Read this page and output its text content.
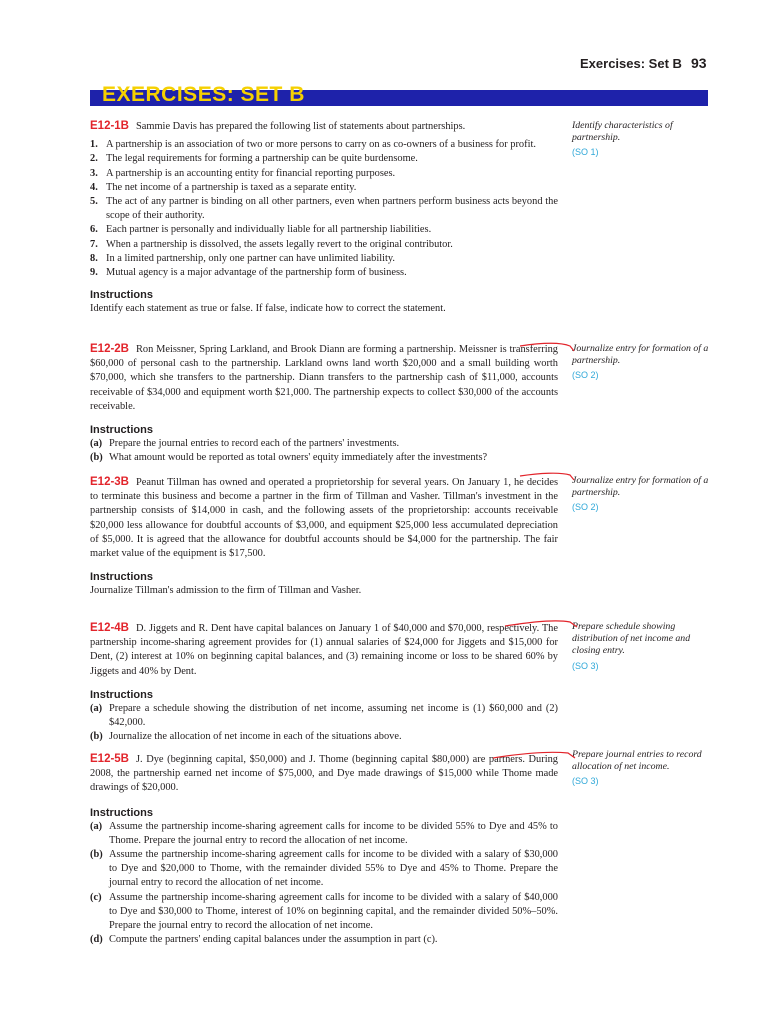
Exercises: Set B 93
EXERCISES: SET B

E12-1B Sammie Davis has prepared the following list of statements about partnerships.

1. A partnership is an association of two or more persons to carry on as co-owners of a business for profit.
2. The legal requirements for forming a partnership can be quite burdensome.
3. A partnership is an accounting entity for financial reporting purposes.
4. The net income of a partnership is taxed as a separate entity.
5. The act of any partner is binding on all other partners, even when partners perform business acts beyond the scope of their authority.
6. Each partner is personally and individually liable for all partnership liabilities.
7. When a partnership is dissolved, the assets legally revert to the original contributor.
8. In a limited partnership, only one partner can have unlimited liability.
9. Mutual agency is a major advantage of the partnership form of business.

Instructions

Identify each statement as true or false. If false, indicate how to correct the statement.

Identify characteristics of partnership.

(SO 1)

E12-2B Ron Meissner, Spring Larkland, and Brook Diann are forming a partnership. Meissner is transferring $60,000 of personal cash to the partnership. Larkland owns land worth $20,000 and a small building worth $70,000, which she transfers to the partnership. Diann transfers to the partnership cash of $11,000, accounts receivable of $34,000 and equipment worth $21,000. The partnership expects to collect $30,000 of the accounts receivable.

Instructions

(a) Prepare the journal entries to record each of the partners' investments.
(b) What amount would be reported as total owners' equity immediately after the investments?

Journalize entry for formation of a partnership.

(SO 2)

E12-3B Peanut Tillman has owned and operated a proprietorship for several years. On January 1, he decides to terminate this business and become a partner in the firm of Tillman and Vasher. Tillman's investment in the partnership consists of $14,000 in cash, and the following assets of the proprietorship: accounts receivable $20,000 less allowance for doubtful accounts of $3,000, and equipment $25,000 less accumulated depreciation of $5,000. It is agreed that the allowance for doubtful accounts should be $4,000 for the partnership. The fair market value of the equipment is $17,500.

Instructions

Journalize Tillman's admission to the firm of Tillman and Vasher.

Journalize entry for formation of a partnership.

(SO 2)

E12-4B D. Jiggets and R. Dent have capital balances on January 1 of $40,000 and $70,000, respectively. The partnership income-sharing agreement provides for (1) annual salaries of $24,000 for Jiggets and $15,000 for Dent, (2) interest at 10% on beginning capital balances, and (3) remaining income or loss to be shared 60% by Jiggets and 40% by Dent.

Instructions

(a) Prepare a schedule showing the distribution of net income, assuming net income is (1) $60,000 and (2) $42,000.
(b) Journalize the allocation of net income in each of the situations above.

Prepare schedule showing distribution of net income and closing entry.

(SO 3)

E12-5B J. Dye (beginning capital, $50,000) and J. Thome (beginning capital $80,000) are partners. During 2008, the partnership earned net income of $75,000, and Dye made drawings of $15,000 while Thome made drawings of $20,000.

Instructions

(a) Assume the partnership income-sharing agreement calls for income to be divided 55% to Dye and 45% to Thome. Prepare the journal entry to record the allocation of net income.
(b) Assume the partnership income-sharing agreement calls for income to be divided with a salary of $30,000 to Dye and $20,000 to Thome, with the remainder divided 55% to Dye and 45% to Thome. Prepare the journal entry to record the allocation of net income.
(c) Assume the partnership income-sharing agreement calls for income to be divided with a salary of $40,000 to Dye and $30,000 to Thome, interest of 10% on beginning capital, and the remainder divided 50%–50%. Prepare the journal entry to record the allocation of net income.
(d) Compute the partners' ending capital balances under the assumption in part (c).

Prepare journal entries to record allocation of net income.

(SO 3)
